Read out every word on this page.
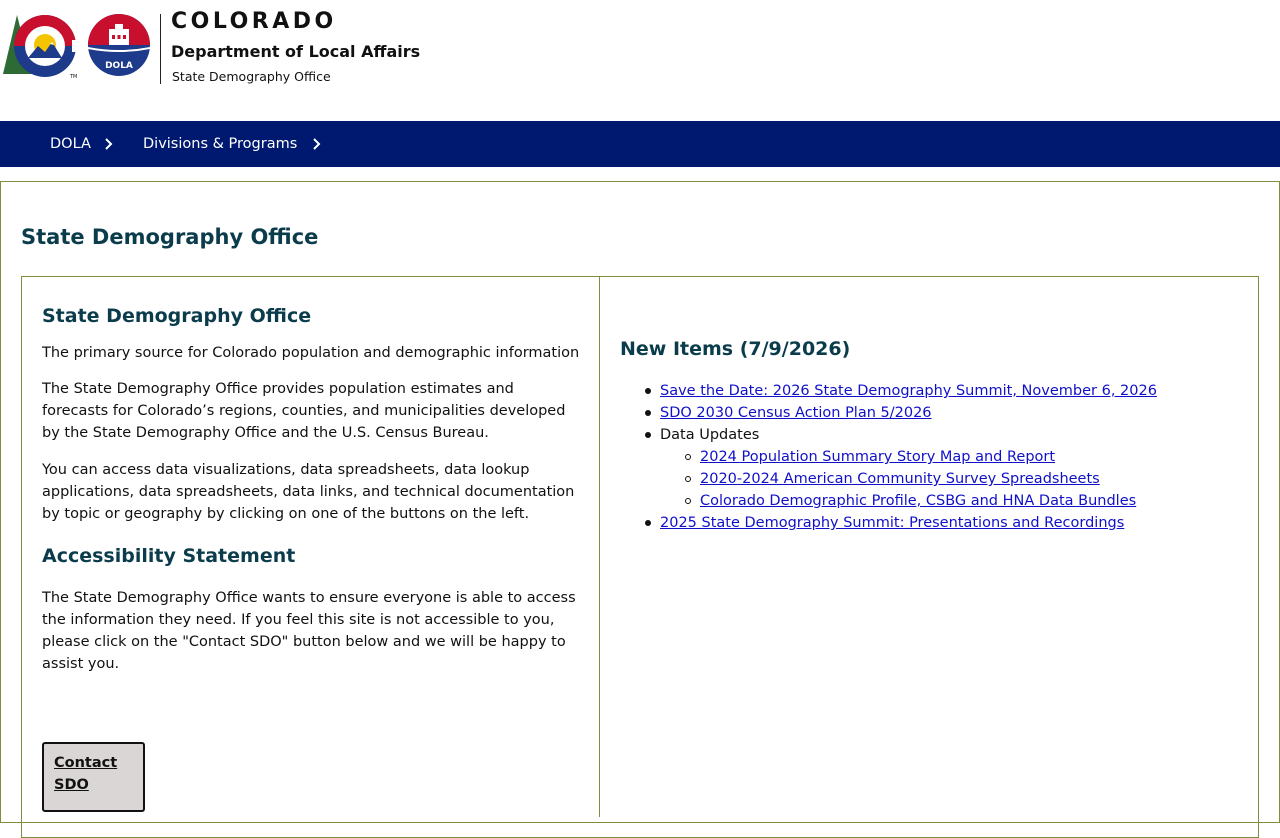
TM
DOLA
COLORADO
Department of Local Affairs
State Demography Office
DOLA	Divisions & Programs
State Demography Office
State Demography Office

The primary source for Colorado population and demographic information

The State Demography Office provides population estimates and forecasts for Colorado’s regions, counties, and municipalities developed by the State Demography Office and the U.S. Census Bureau.

You can access data visualizations, data spreadsheets, data lookup applications, data spreadsheets, data links, and technical documentation by topic or geography by clicking on one of the buttons on the left.

Accessibility Statement

The State Demography Office wants to ensure everyone is able to access the information they need. If you feel this site is not accessible to you, please click on the "Contact SDO" button below and we will be happy to assist you.

Contact SDO
New Items (7/9/2026)
Save the Date: 2026 State Demography Summit, November 6, 2026
SDO 2030 Census Action Plan 5/2026
Data Updates
2024 Population Summary Story Map and Report
2020-2024 American Community Survey Spreadsheets
Colorado Demographic Profile, CSBG and HNA Data Bundles
2025 State Demography Summit: Presentations and Recordings
